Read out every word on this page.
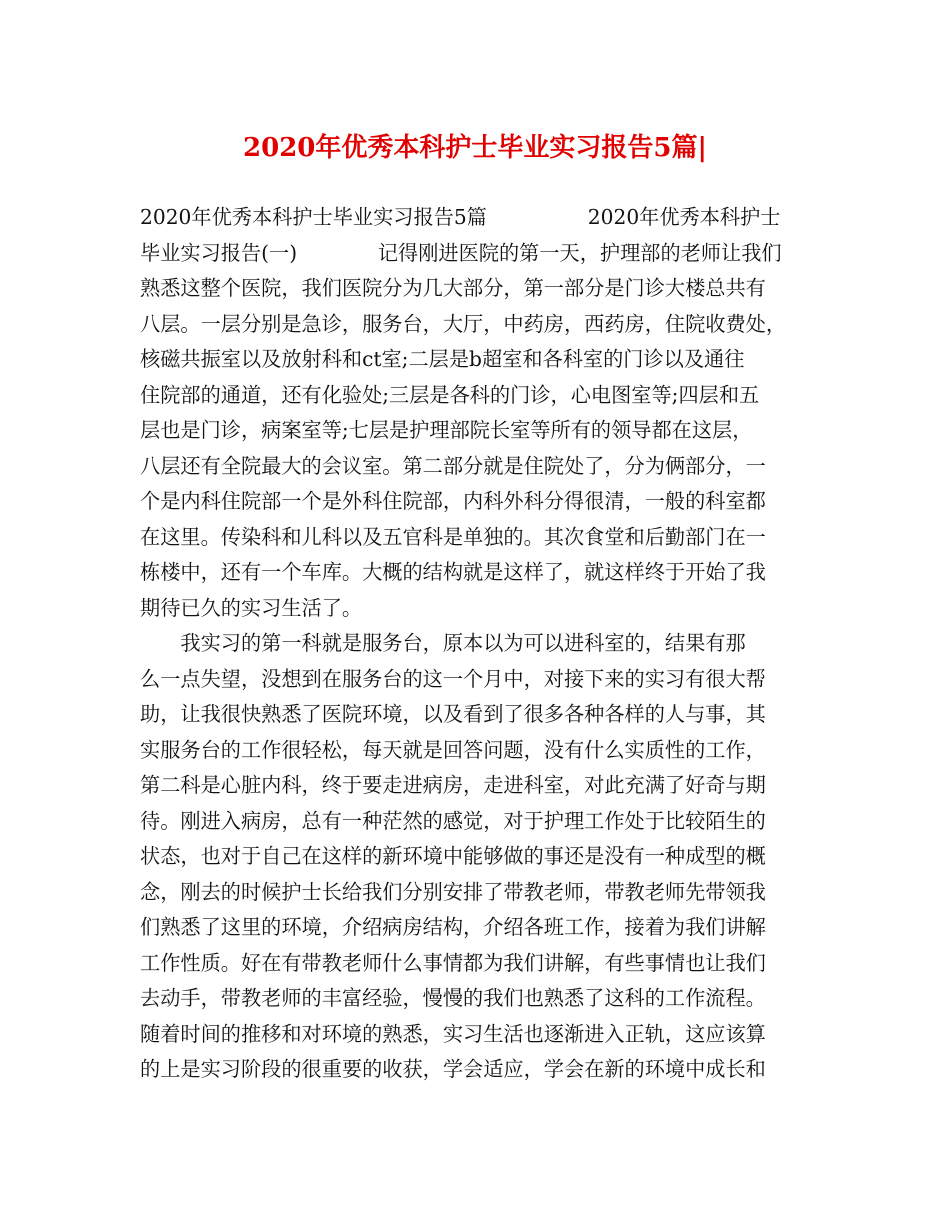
2020年优秀本科护士毕业实习报告5篇|
2020年优秀本科护士毕业实习报告5篇　　　　　2020年优秀本科护士
毕业实习报告(一)　　　　记得刚进医院的第一天，护理部的老师让我们
熟悉这整个医院，我们医院分为几大部分，第一部分是门诊大楼总共有
八层。一层分别是急诊，服务台，大厅，中药房，西药房，住院收费处，
核磁共振室以及放射科和ct室;二层是b超室和各科室的门诊以及通往
住院部的通道，还有化验处;三层是各科的门诊，心电图室等;四层和五
层也是门诊，病案室等;七层是护理部院长室等所有的领导都在这层，
八层还有全院最大的会议室。第二部分就是住院处了，分为俩部分，一
个是内科住院部一个是外科住院部，内科外科分得很清，一般的科室都
在这里。传染科和儿科以及五官科是单独的。其次食堂和后勤部门在一
栋楼中，还有一个车库。大概的结构就是这样了，就这样终于开始了我
期待已久的实习生活了。
　　我实习的第一科就是服务台，原本以为可以进科室的，结果有那
么一点失望，没想到在服务台的这一个月中，对接下来的实习有很大帮
助，让我很快熟悉了医院环境，以及看到了很多各种各样的人与事，其
实服务台的工作很轻松，每天就是回答问题，没有什么实质性的工作，
第二科是心脏内科，终于要走进病房，走进科室，对此充满了好奇与期
待。刚进入病房，总有一种茫然的感觉，对于护理工作处于比较陌生的
状态，也对于自己在这样的新环境中能够做的事还是没有一种成型的概
念，刚去的时候护士长给我们分别安排了带教老师，带教老师先带领我
们熟悉了这里的环境，介绍病房结构，介绍各班工作，接着为我们讲解
工作性质。好在有带教老师什么事情都为我们讲解，有些事情也让我们
去动手，带教老师的丰富经验，慢慢的我们也熟悉了这科的工作流程。
随着时间的推移和对环境的熟悉，实习生活也逐渐进入正轨，这应该算
的上是实习阶段的很重要的收获，学会适应，学会在新的环境中成长和
